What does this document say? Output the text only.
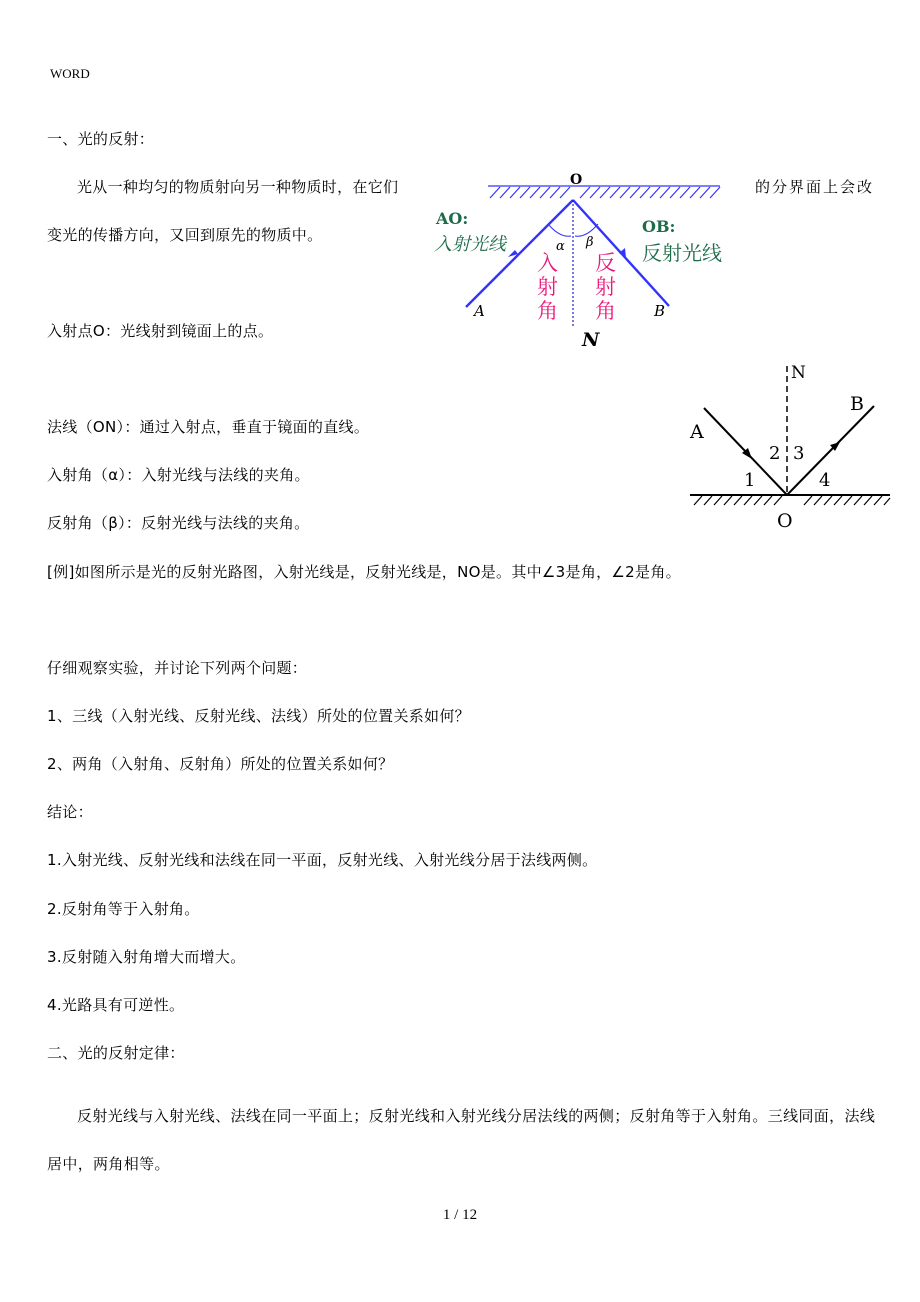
WORD
一、光的反射：
光从一种均匀的物质射向另一种物质时，在它们	的分界面上会改
变光的传播方向，又回到原先的物质中。
O
AO:
入射光线
OB:
反射光线
α β
入
射
角
反
射
角
A	B
N
入射点O：光线射到镜面上的点。
N
A
B
O
1
2 3
4
法线（ON）：通过入射点，垂直于镜面的直线。
入射角（α）：入射光线与法线的夹角。
反射角（β）：反射光线与法线的夹角。
[例]如图所示是光的反射光路图，入射光线是，反射光线是，NO是。其中∠3是角，∠2是角。
仔细观察实验，并讨论下列两个问题：
1、三线（入射光线、反射光线、法线）所处的位置关系如何？
2、两角（入射角、反射角）所处的位置关系如何？
结论：
1.入射光线、反射光线和法线在同一平面，反射光线、入射光线分居于法线两侧。
2.反射角等于入射角。
3.反射随入射角增大而增大。
4.光路具有可逆性。
二、光的反射定律：
反射光线与入射光线、法线在同一平面上；反射光线和入射光线分居法线的两侧；反射角等于入射角。三线同面，法线居中，两角相等。
1 / 12
